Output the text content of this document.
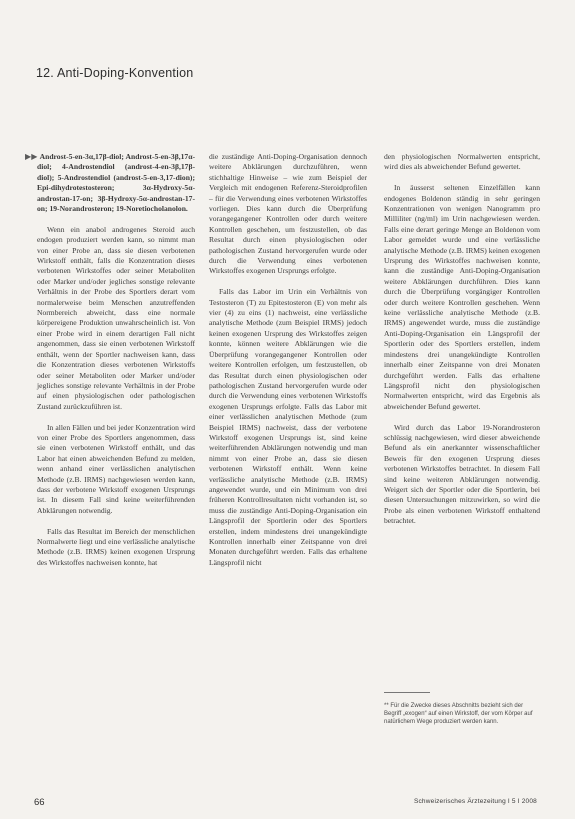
12. Anti-Doping-Konvention

▶▶ Androst-5-en-3α,17β-diol; Androst-5-en-3β,17α-diol; 4-Androstendiol (androst-4-en-3β,17β-diol); 5-Androstendiol (androst-5-en-3,17-dion); Epi-dihydrotestosteron; 3α-Hydroxy-5α-androstan-17-on; 3β-Hydroxy-5α-androstan-17-on; 19-Norandrosteron; 19-Noretiocholanolon.

Wenn ein anabol androgenes Steroid auch endogen produziert werden kann, so nimmt man von einer Probe an, dass sie diesen verbotenen Wirkstoff enthält, falls die Konzentration dieses verbotenen Wirkstoffes oder seiner Metaboliten oder Marker und/oder jegliches sonstige relevante Verhältnis in der Probe des Sportlers derart vom normalerweise beim Menschen anzutreffenden Normbereich abweicht, dass eine normale körpereigene Produktion unwahrscheinlich ist. Von einer Probe wird in einem derartigen Fall nicht angenommen, dass sie einen verbotenen Wirkstoff enthält, wenn der Sportler nachweisen kann, dass die Konzentration dieses verbotenen Wirkstoffs oder seiner Metaboliten oder Marker und/oder jegliches sonstige relevante Verhältnis in der Probe auf einen physiologischen oder pathologischen Zustand zurückzuführen ist.

In allen Fällen und bei jeder Konzentration wird von einer Probe des Sportlers angenommen, dass sie einen verbotenen Wirkstoff enthält, und das Labor hat einen abweichenden Befund zu melden, wenn anhand einer verlässlichen analytischen Methode (z.B. IRMS) nachgewiesen werden kann, dass der verbotene Wirkstoff exogenen Ursprungs ist. In diesem Fall sind keine weiterführenden Abklärungen notwendig.

Falls das Resultat im Bereich der menschlichen Normalwerte liegt und eine verlässliche analytische Methode (z.B. IRMS) keinen exogenen Ursprung des Wirkstoffes nachweisen konnte, hat

die zuständige Anti-Doping-Organisation dennoch weitere Abklärungen durchzuführen, wenn stichhaltige Hinweise – wie zum Beispiel der Vergleich mit endogenen Referenz-Steroidprofilen – für die Verwendung eines verbotenen Wirkstoffes vorliegen. Dies kann durch die Überprüfung vorangegangener Kontrollen oder durch weitere Kontrollen geschehen, um festzustellen, ob das Resultat durch einen physiologischen oder pathologischen Zustand hervorgerufen wurde oder durch die Verwendung eines verbotenen Wirkstoffes exogenen Ursprungs erfolgte.

Falls das Labor im Urin ein Verhältnis von Testosteron (T) zu Epitestosteron (E) von mehr als vier (4) zu eins (1) nachweist, eine verlässliche analytische Methode (zum Beispiel IRMS) jedoch keinen exogenen Ursprung des Wirkstoffes zeigen konnte, können weitere Abklärungen wie die Überprüfung vorangegangener Kontrollen oder weitere Kontrollen erfolgen, um festzustellen, ob das Resultat durch einen physiologischen oder pathologischen Zustand hervorgerufen wurde oder durch die Verwendung eines verbotenen Wirkstoffs exogenen Ursprungs erfolgte. Falls das Labor mit einer verlässlichen analytischen Methode (zum Beispiel IRMS) nachweist, dass der verbotene Wirkstoff exogenen Ursprungs ist, sind keine weiterführenden Abklärungen notwendig und man nimmt von einer Probe an, dass sie diesen verbotenen Wirkstoff enthält. Wenn keine verlässliche analytische Methode (z.B. IRMS) angewendet wurde, und ein Minimum von drei früheren Kontrollresultaten nicht vorhanden ist, so muss die zuständige Anti-Doping-Organisation ein Längsprofil der Sportlerin oder des Sportlers erstellen, indem mindestens drei unangekündigte Kontrollen innerhalb einer Zeitspanne von drei Monaten durchgeführt werden. Falls das erhaltene Längsprofil nicht

den physiologischen Normalwerten entspricht, wird dies als abweichender Befund gewertet.

In äusserst seltenen Einzelfällen kann endogenes Boldenon ständig in sehr geringen Konzentrationen von wenigen Nanogramm pro Milliliter (ng/ml) im Urin nachgewiesen werden. Falls eine derart geringe Menge an Boldenon vom Labor gemeldet wurde und eine verlässliche analytische Methode (z.B. IRMS) keinen exogenen Ursprung des Wirkstoffes nachweisen konnte, kann die zuständige Anti-Doping-Organisation weitere Abklärungen durchführen. Dies kann durch die Überprüfung vorgängiger Kontrollen oder durch weitere Kontrollen geschehen. Wenn keine verlässliche analytische Methode (z.B. IRMS) angewendet wurde, muss die zuständige Anti-Doping-Organisation ein Längsprofil der Sportlerin oder des Sportlers erstellen, indem mindestens drei unangekündigte Kontrollen innerhalb einer Zeitspanne von drei Monaten durchgeführt werden. Falls das erhaltene Längsprofil nicht den physiologischen Normalwerten entspricht, wird das Ergebnis als abweichender Befund gewertet.

Wird durch das Labor 19-Norandrosteron schlüssig nachgewiesen, wird dieser abweichende Befund als ein anerkannter wissenschaftlicher Beweis für den exogenen Ursprung dieses verbotenen Wirkstoffes betrachtet. In diesem Fall sind keine weiteren Abklärungen notwendig. Weigert sich der Sportler oder die Sportlerin, bei diesen Untersuchungen mitzuwirken, so wird die Probe als einen verbotenen Wirkstoff enthaltend betrachtet.

** Für die Zwecke dieses Abschnitts bezieht sich der Begriff „exogen“ auf einen Wirkstoff, der vom Körper auf natürlichem Wege produziert werden kann.
66	Schweizerisches Ärztezeitung I 5 I 2008
